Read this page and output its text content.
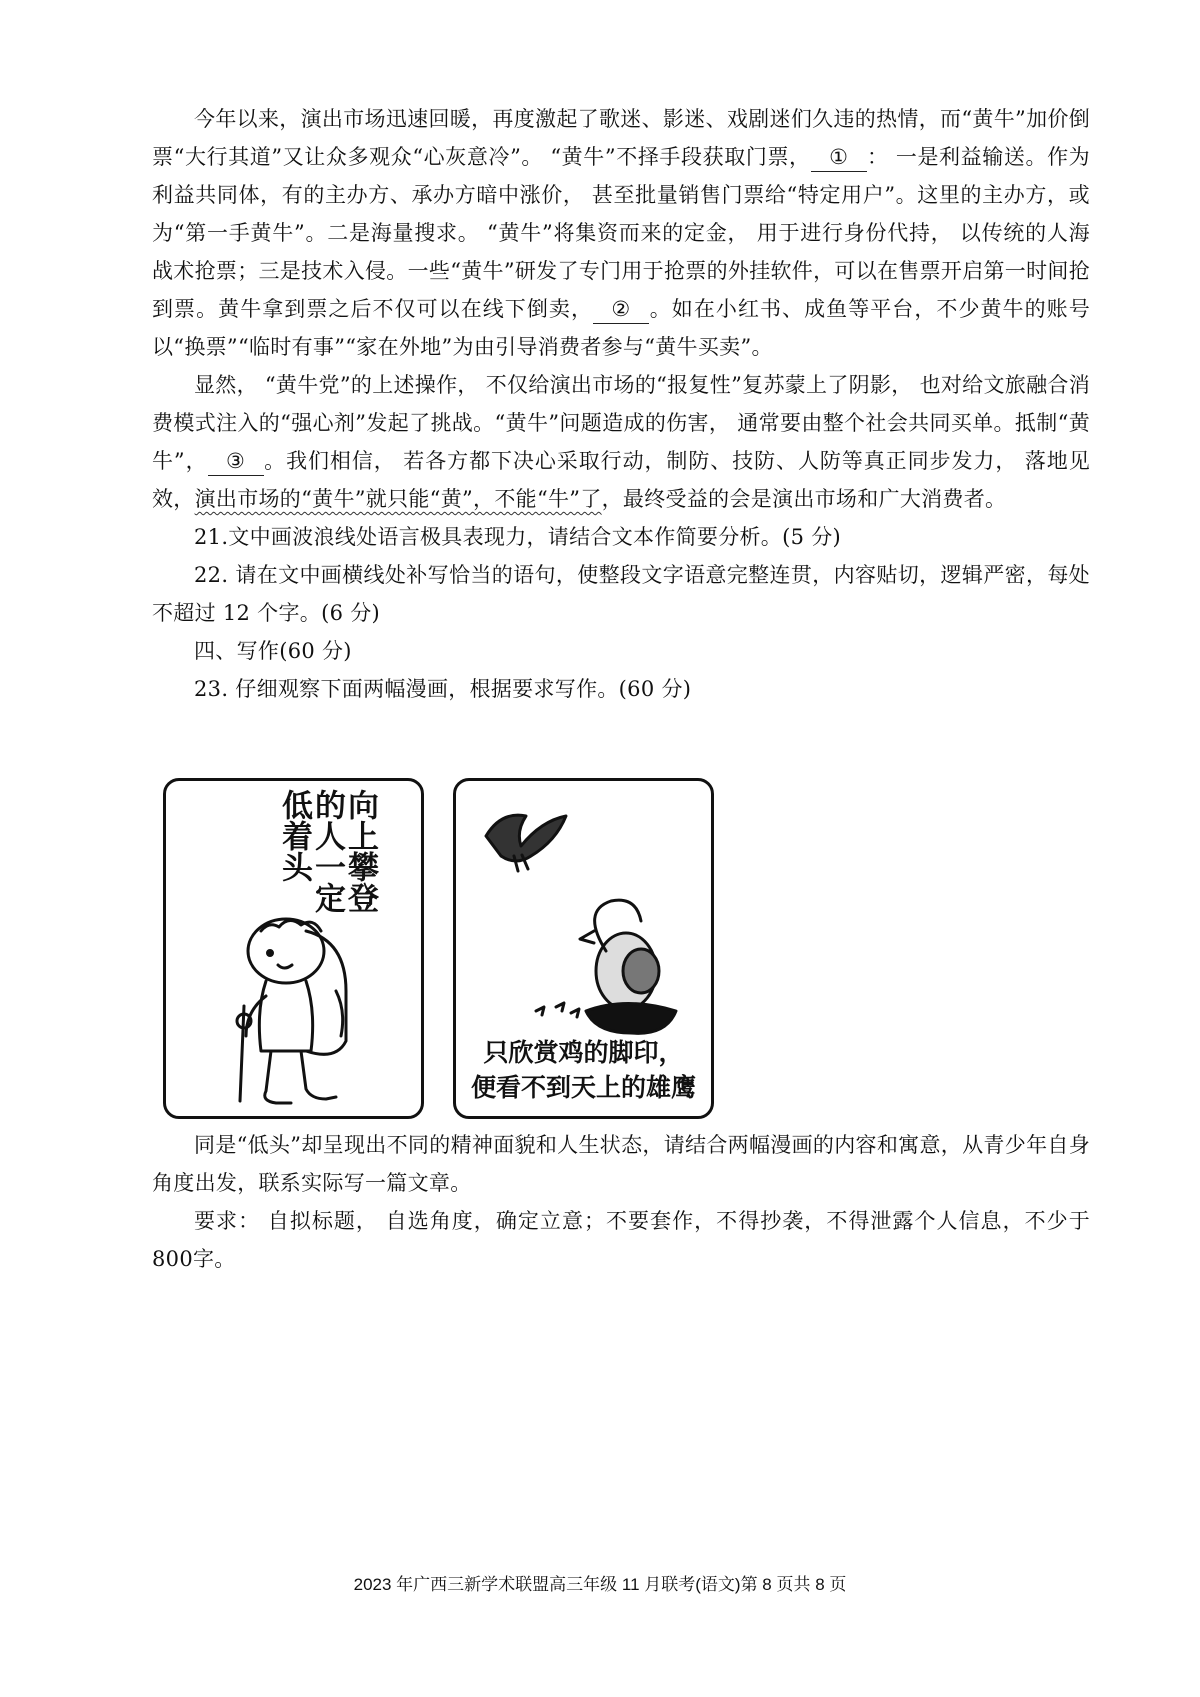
今年以来，演出市场迅速回暖，再度激起了歌迷、影迷、戏剧迷们久违的热情，而“黄牛”加价倒票“大行其道”又让众多观众“心灰意冷”。 “黄牛”不择手段获取门票， ① ： 一是利益输送。作为利益共同体，有的主办方、承办方暗中涨价， 甚至批量销售门票给“特定用户”。这里的主办方，或为“第一手黄牛”。二是海量搜求。 “黄牛”将集资而来的定金， 用于进行身份代持， 以传统的人海战术抢票；三是技术入侵。一些“黄牛”研发了专门用于抢票的外挂软件，可以在售票开启第一时间抢到票。黄牛拿到票之后不仅可以在线下倒卖， ② 。如在小红书、成鱼等平台，不少黄牛的账号以“换票”“临时有事”“家在外地”为由引导消费者参与“黄牛买卖”。

显然， “黄牛党”的上述操作， 不仅给演出市场的“报复性”复苏蒙上了阴影， 也对给文旅融合消费模式注入的“强心剂”发起了挑战。“黄牛”问题造成的伤害， 通常要由整个社会共同买单。抵制“黄牛”， ③ 。我们相信， 若各方都下决心采取行动，制防、技防、人防等真正同步发力， 落地见效，演出市场的“黄牛”就只能“黄”，不能“牛”了，最终受益的会是演出市场和广大消费者。

21.文中画波浪线处语言极具表现力，请结合文本作简要分析。(5 分)

22. 请在文中画横线处补写恰当的语句，使整段文字语意完整连贯，内容贴切，逻辑严密，每处不超过 12 个字。(6 分)

四、写作(60 分)

23. 仔细观察下面两幅漫画，根据要求写作。(60 分)

向上攀登的人一定低着头
只欣赏鸡的脚印，
便看不到天上的雄鹰

同是“低头”却呈现出不同的精神面貌和人生状态，请结合两幅漫画的内容和寓意，从青少年自身角度出发，联系实际写一篇文章。

要求： 自拟标题， 自选角度，确定立意；不要套作，不得抄袭，不得泄露个人信息，不少于 800字。

2023 年广西三新学术联盟高三年级 11 月联考(语文)第 8 页共 8 页
